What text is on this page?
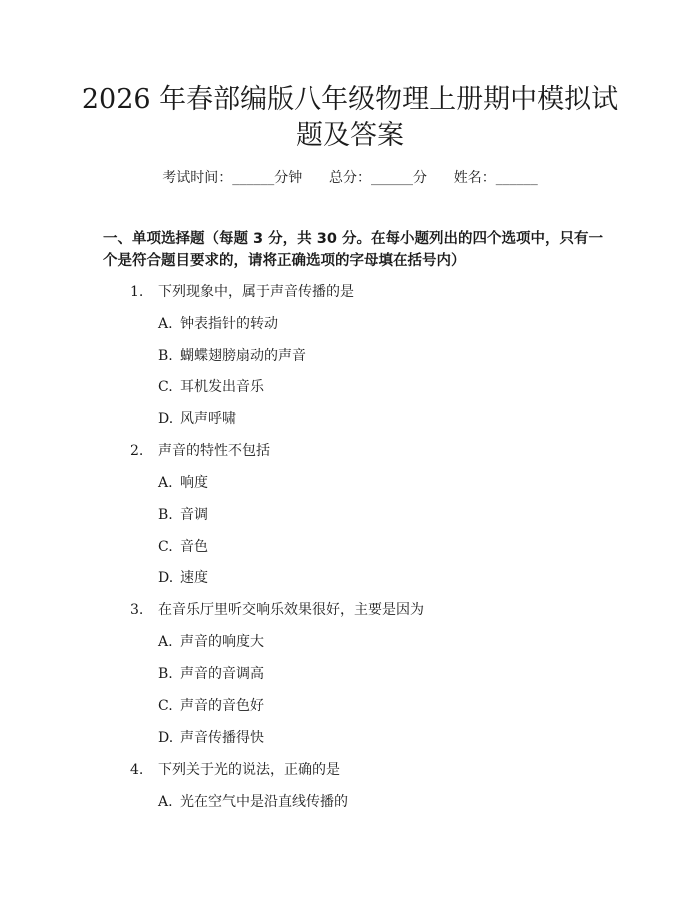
2026 年春部编版八年级物理上册期中模拟试
题及答案
考试时间：______分钟 总分：______分 姓名：______

一、单项选择题（每题 3 分，共 30 分。在每小题列出的四个选项中，只有一个是符合题目要求的，请将正确选项的字母填在括号内）

1. 下列现象中，属于声音传播的是
A. 钟表指针的转动
B. 蝴蝶翅膀扇动的声音
C. 耳机发出音乐
D. 风声呼啸
2. 声音的特性不包括
A. 响度
B. 音调
C. 音色
D. 速度
3. 在音乐厅里听交响乐效果很好，主要是因为
A. 声音的响度大
B. 声音的音调高
C. 声音的音色好
D. 声音传播得快
4. 下列关于光的说法，正确的是
A. 光在空气中是沿直线传播的
